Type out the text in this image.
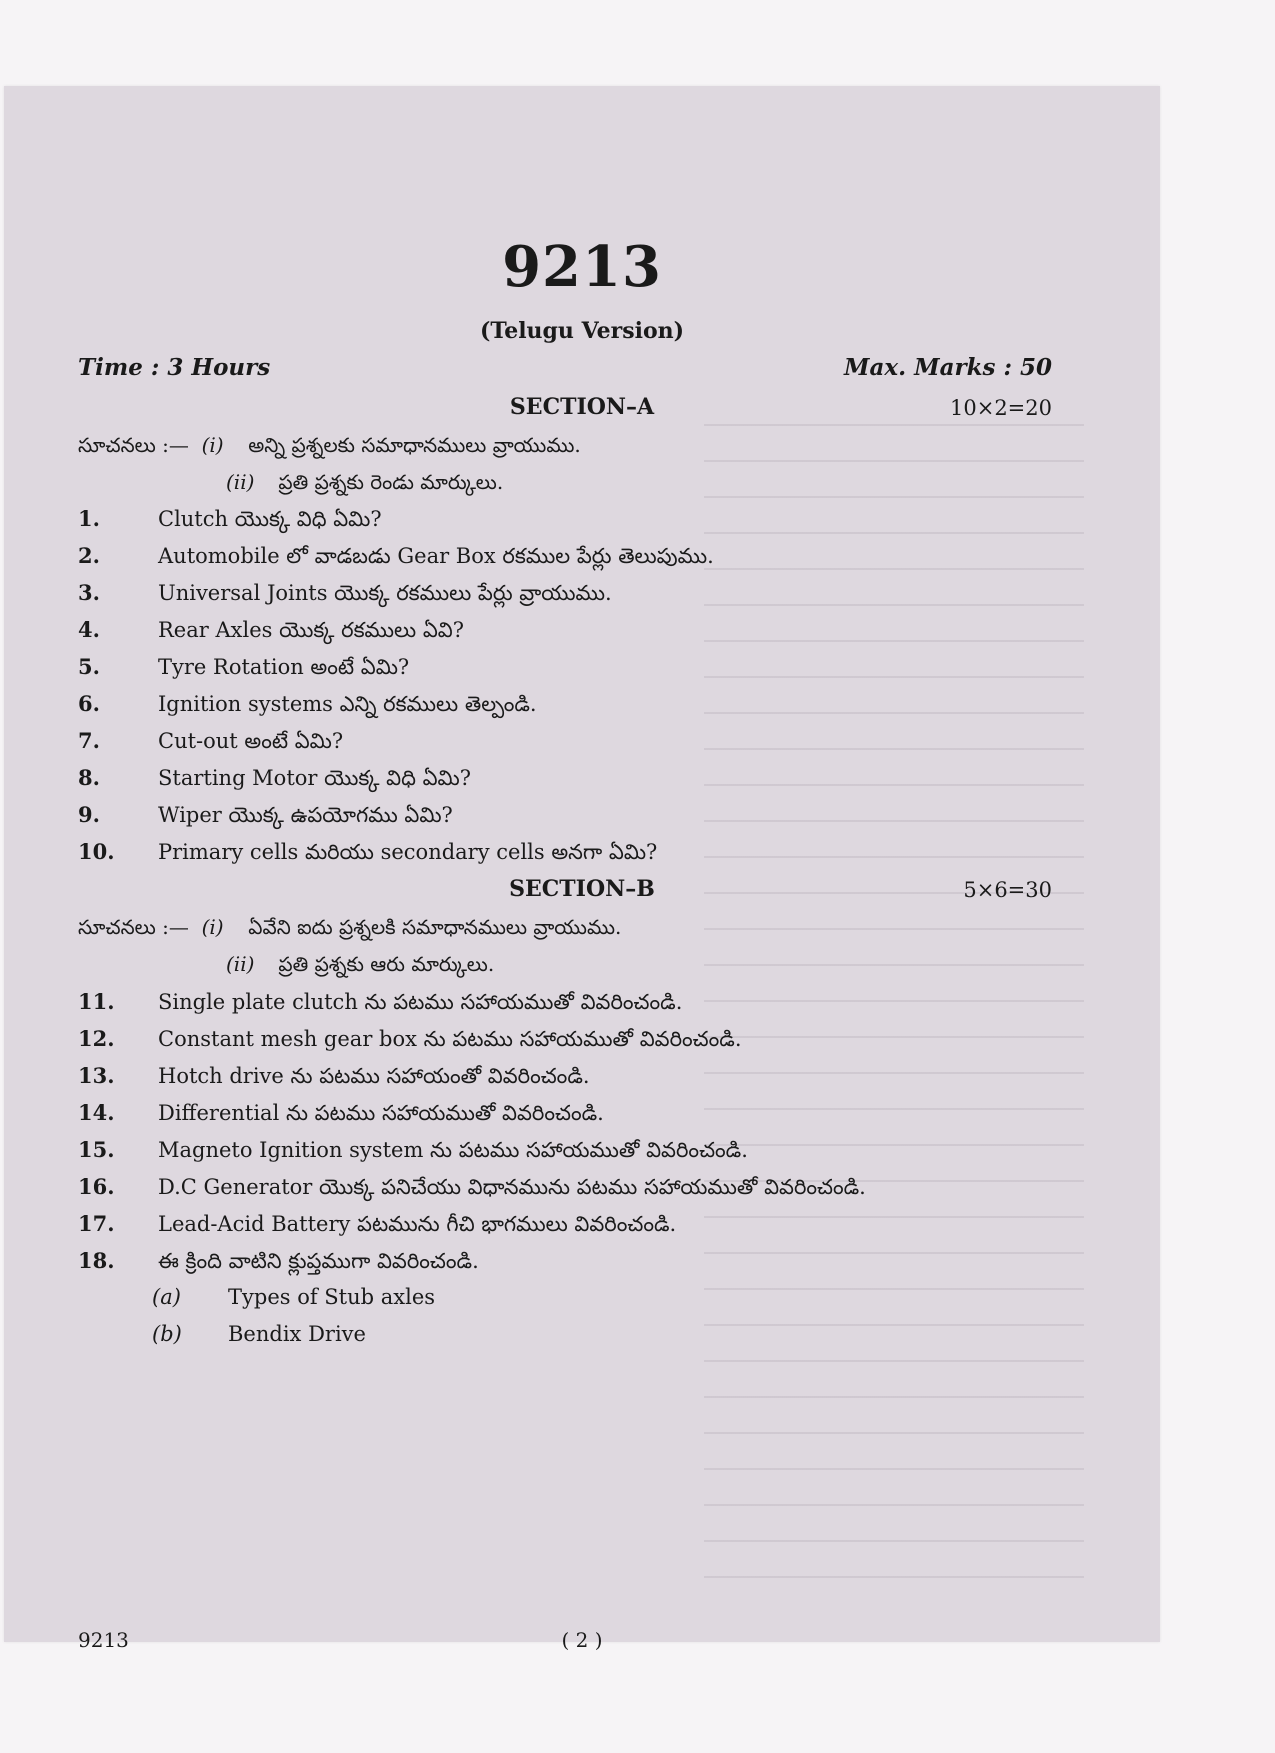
9213
(Telugu Version)
Time : 3 Hours	Max. Marks : 50
SECTION–A	10×2=20
సూచనలు :— (i) అన్ని ప్రశ్నలకు సమాధానములు వ్రాయుము.
(ii) ప్రతి ప్రశ్నకు రెండు మార్కులు.
1.	Clutch యొక్క విధి ఏమి?
2.	Automobile లో వాడబడు Gear Box రకముల పేర్లు తెలుపుము.
3.	Universal Joints యొక్క రకములు పేర్లు వ్రాయుము.
4.	Rear Axles యొక్క రకములు ఏవి?
5.	Tyre Rotation అంటే ఏమి?
6.	Ignition systems ఎన్ని రకములు తెల్పండి.
7.	Cut-out అంటే ఏమి?
8.	Starting Motor యొక్క విధి ఏమి?
9.	Wiper యొక్క ఉపయోగము ఏమి?
10. Primary cells మరియు secondary cells అనగా ఏమి?
SECTION–B	5×6=30
సూచనలు :— (i) ఏవేని ఐదు ప్రశ్నలకి సమాధానములు వ్రాయుము.
(ii) ప్రతి ప్రశ్నకు ఆరు మార్కులు.
11. Single plate clutch ను పటము సహాయముతో వివరించండి.
12. Constant mesh gear box ను పటము సహాయముతో వివరించండి.
13. Hotch drive ను పటము సహాయంతో వివరించండి.
14. Differential ను పటము సహాయముతో వివరించండి.
15. Magneto Ignition system ను పటము సహాయముతో వివరించండి.
16. D.C Generator యొక్క పనిచేయు విధానమును పటము సహాయముతో వివరించండి.
17. Lead-Acid Battery పటమును గీచి భాగములు వివరించండి.
18. ఈ క్రింది వాటిని క్లుప్తముగా వివరించండి.
(a) Types of Stub axles
(b) Bendix Drive
9213	( 2 )
